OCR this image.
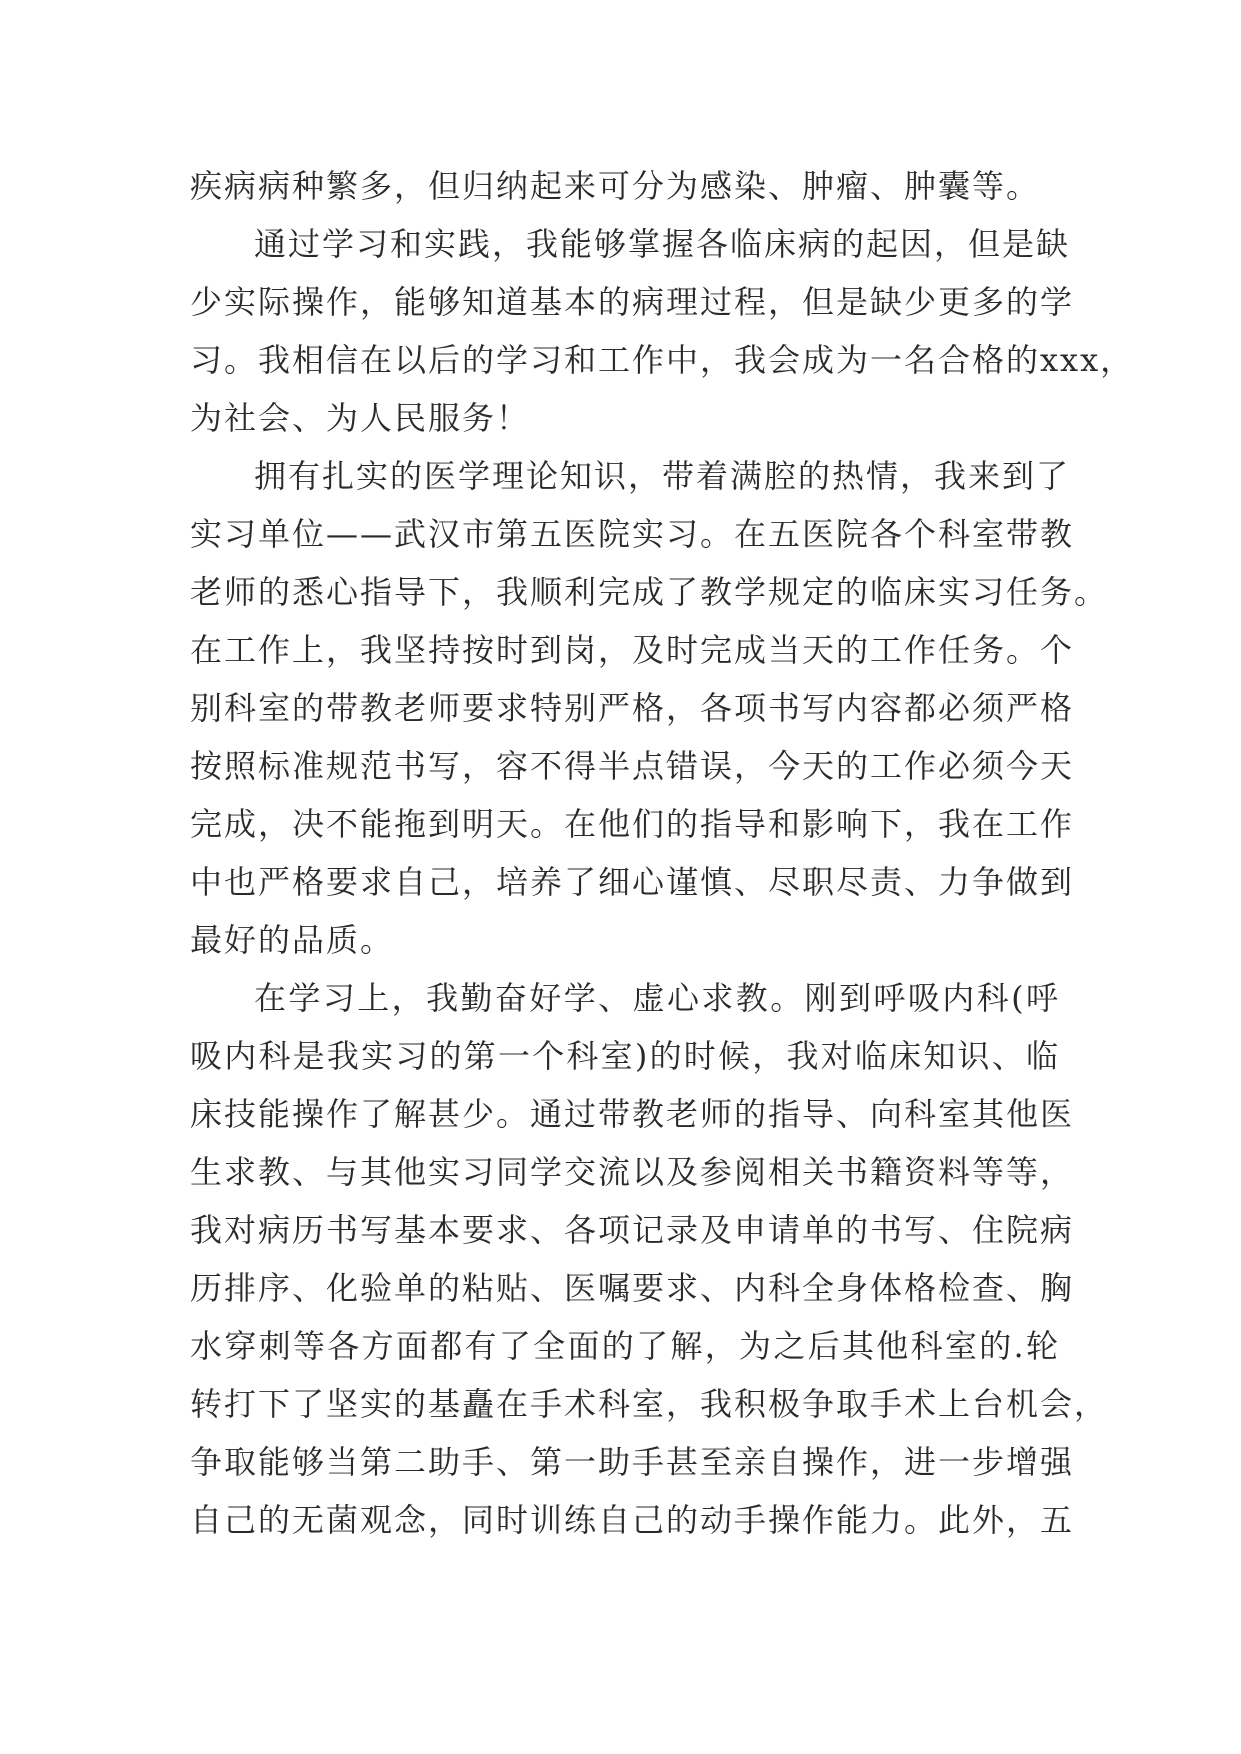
疾病病种繁多，但归纳起来可分为感染、肿瘤、肿囊等。
通过学习和实践，我能够掌握各临床病的起因，但是缺
少实际操作，能够知道基本的病理过程，但是缺少更多的学
习。我相信在以后的学习和工作中，我会成为一名合格的xxx，
为社会、为人民服务！
拥有扎实的医学理论知识，带着满腔的热情，我来到了
实习单位——武汉市第五医院实习。在五医院各个科室带教
老师的悉心指导下，我顺利完成了教学规定的临床实习任务。
在工作上，我坚持按时到岗，及时完成当天的工作任务。个
别科室的带教老师要求特别严格，各项书写内容都必须严格
按照标准规范书写，容不得半点错误，今天的工作必须今天
完成，决不能拖到明天。在他们的指导和影响下，我在工作
中也严格要求自己，培养了细心谨慎、尽职尽责、力争做到
最好的品质。
在学习上，我勤奋好学、虚心求教。刚到呼吸内科(呼
吸内科是我实习的第一个科室)的时候，我对临床知识、临
床技能操作了解甚少。通过带教老师的指导、向科室其他医
生求教、与其他实习同学交流以及参阅相关书籍资料等等，
我对病历书写基本要求、各项记录及申请单的书写、住院病
历排序、化验单的粘贴、医嘱要求、内科全身体格检查、胸
水穿刺等各方面都有了全面的了解，为之后其他科室的.轮
转打下了坚实的基矗在手术科室，我积极争取手术上台机会，
争取能够当第二助手、第一助手甚至亲自操作，进一步增强
自己的无菌观念，同时训练自己的动手操作能力。此外，五
